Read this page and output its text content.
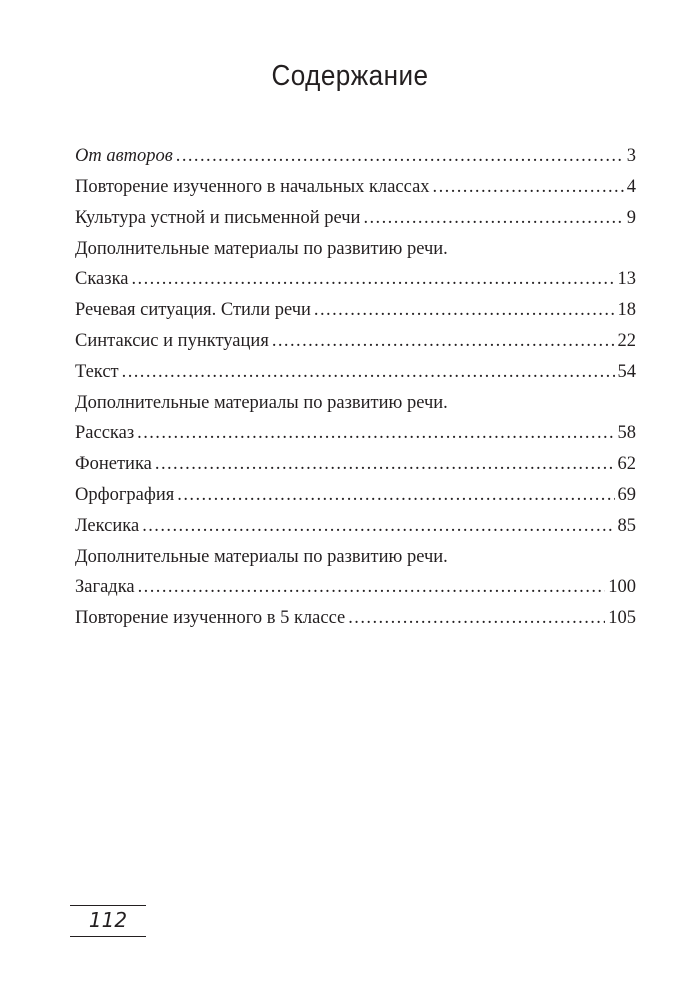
Содержание
От авторов . . .	3
Повторение изученного в начальных классах . . .	4
Культура устной и письменной речи . . .	9
Дополнительные материалы по развитию речи.
Сказка . . .	13
Речевая ситуация. Стили речи . . .	18
Синтаксис и пунктуация . . .	22
Текст . . .	54
Дополнительные материалы по развитию речи.
Рассказ . . .	58
Фонетика . . .	62
Орфография . . .	69
Лексика . . .	85
Дополнительные материалы по развитию речи.
Загадка . . .	100
Повторение изученного в 5 классе . . .	105
112
